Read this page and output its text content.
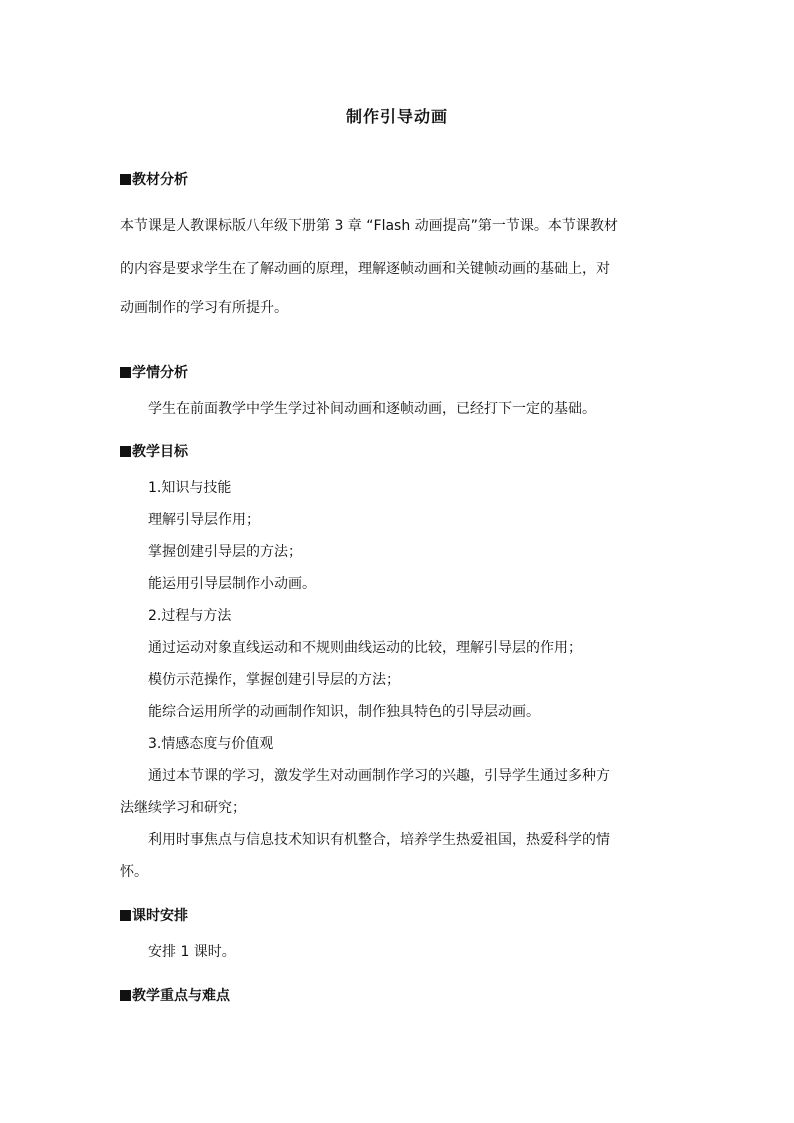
制作引导动画
教材分析
本节课是人教课标版八年级下册第 3 章 “Flash 动画提高”第一节课。本节课教材
的内容是要求学生在了解动画的原理，理解逐帧动画和关键帧动画的基础上，对
动画制作的学习有所提升。
学情分析
学生在前面教学中学生学过补间动画和逐帧动画，已经打下一定的基础。
教学目标
1.知识与技能
理解引导层作用；
掌握创建引导层的方法；
能运用引导层制作小动画。
2.过程与方法
通过运动对象直线运动和不规则曲线运动的比较，理解引导层的作用；
模仿示范操作，掌握创建引导层的方法；
能综合运用所学的动画制作知识，制作独具特色的引导层动画。
3.情感态度与价值观
通过本节课的学习，激发学生对动画制作学习的兴趣，引导学生通过多种方
法继续学习和研究；
利用时事焦点与信息技术知识有机整合，培养学生热爱祖国，热爱科学的情
怀。
课时安排
安排 1 课时。
教学重点与难点
